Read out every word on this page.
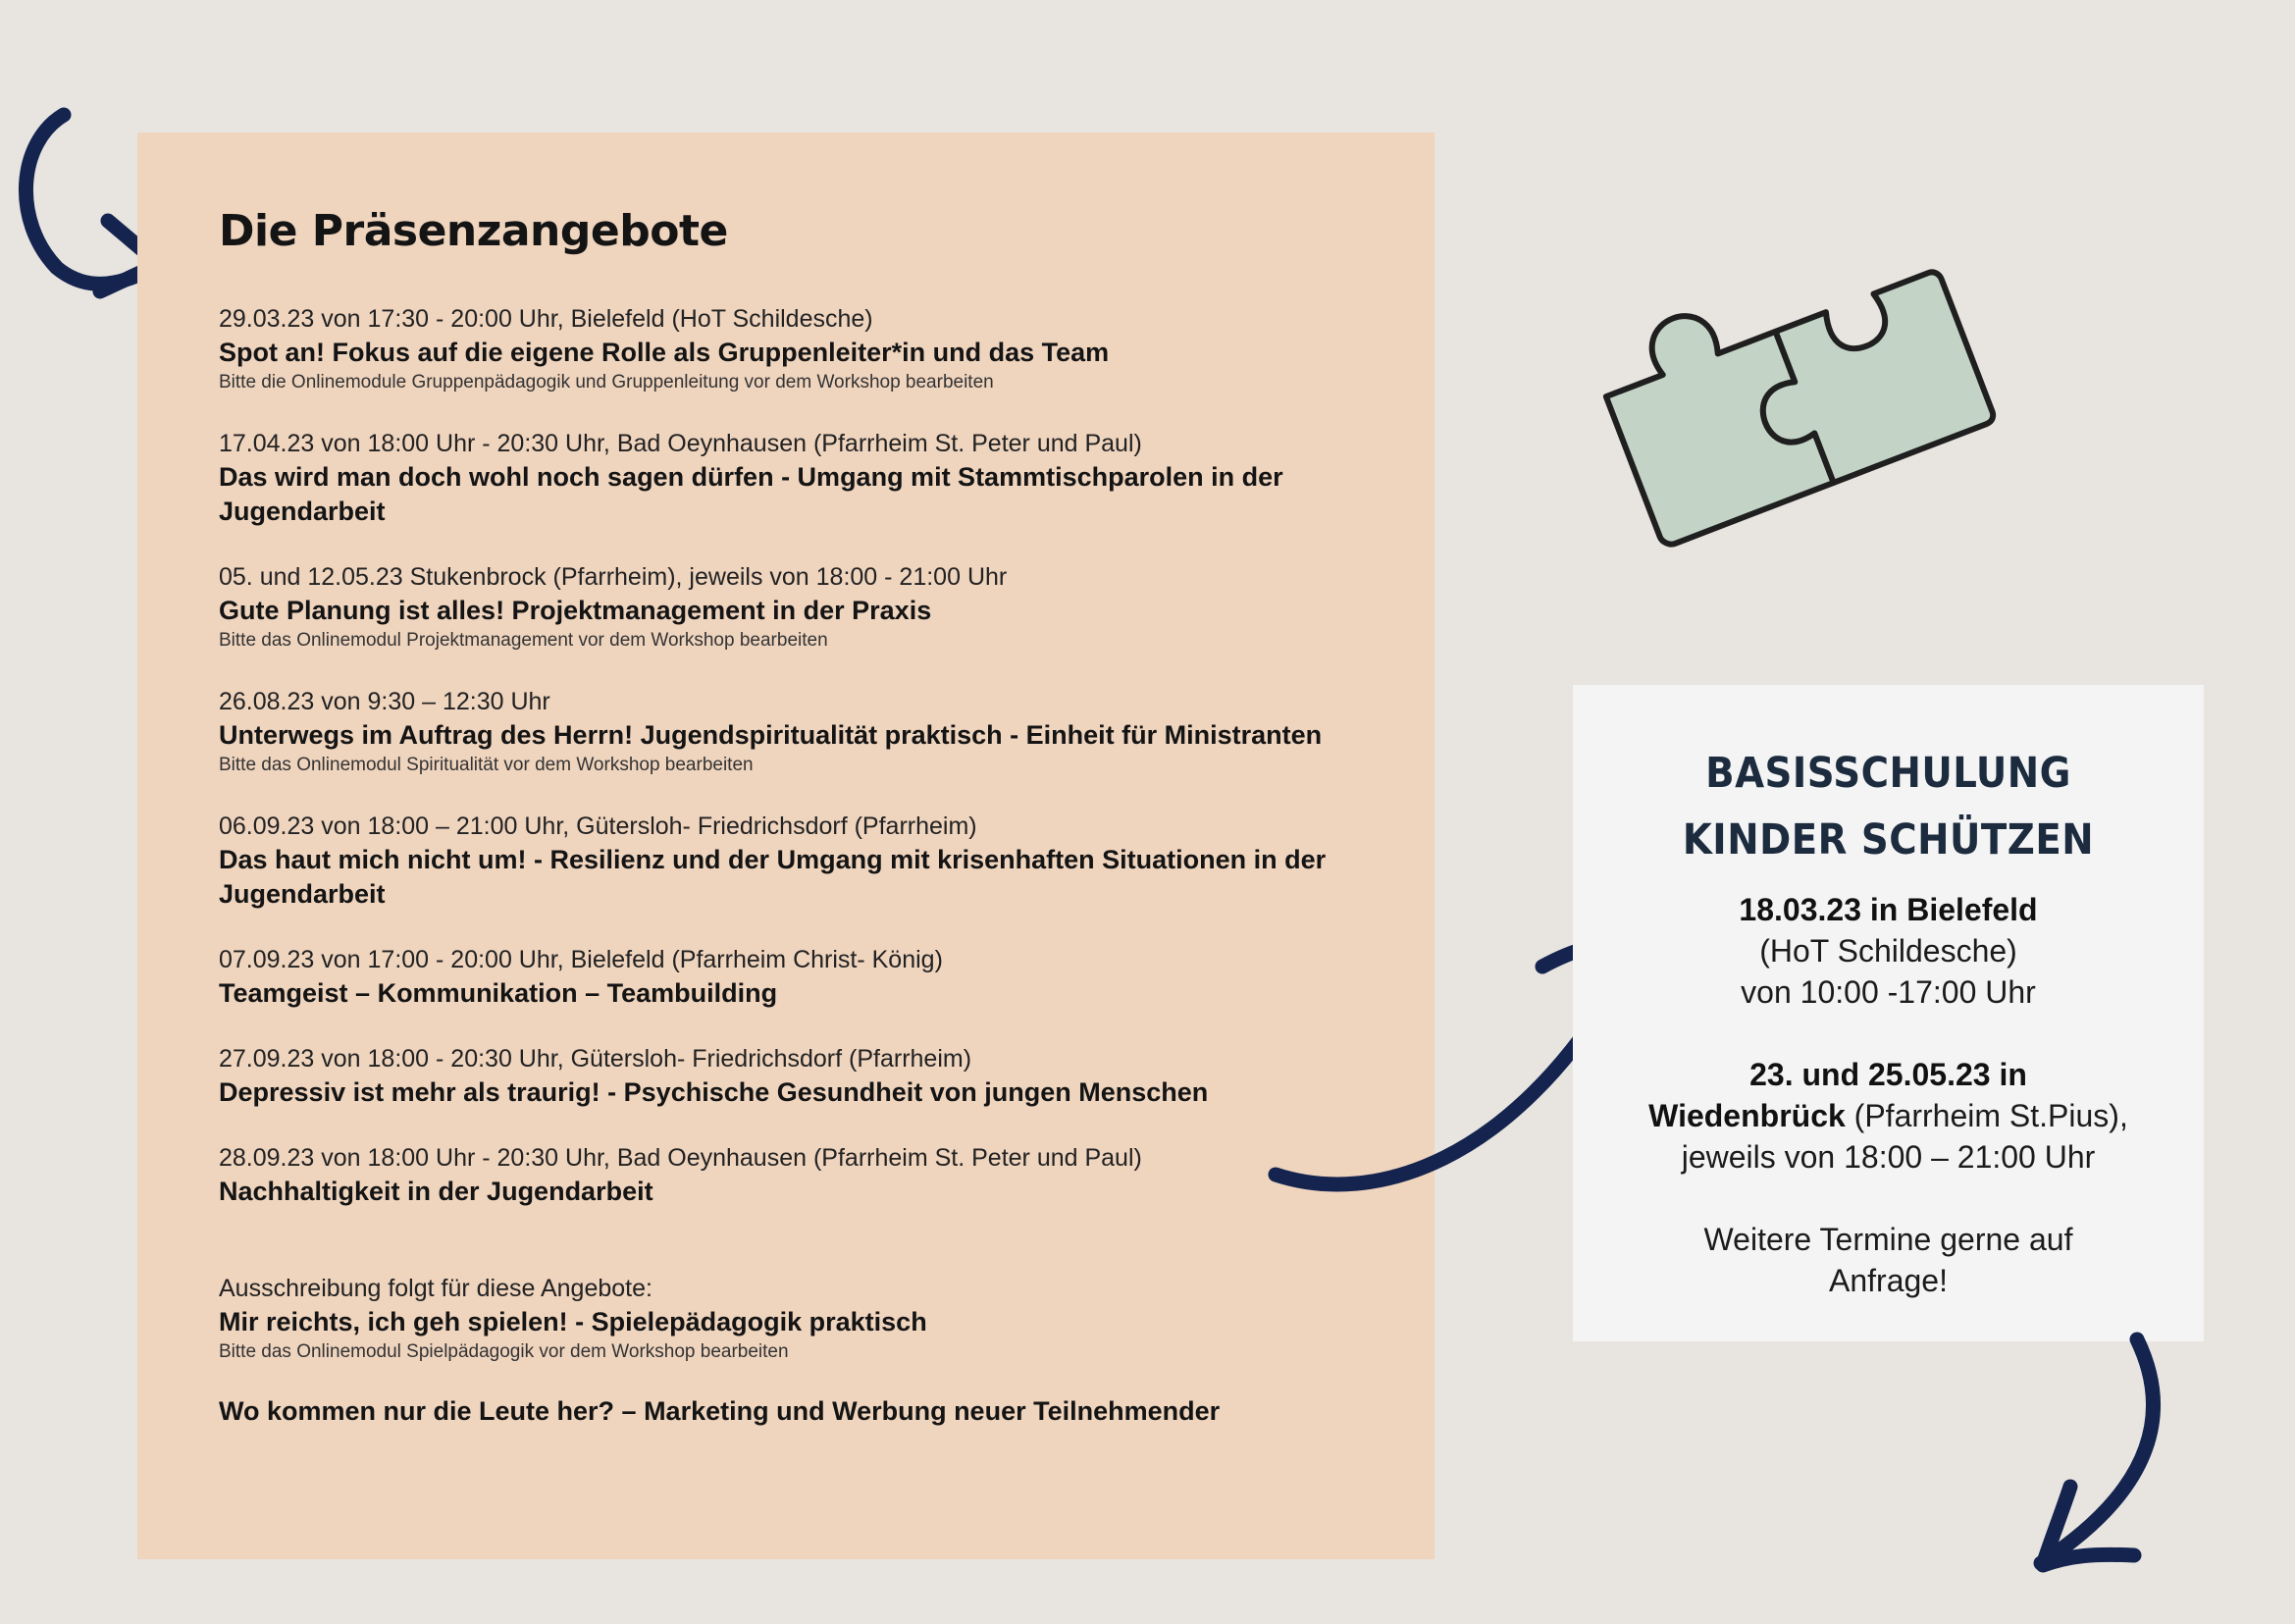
Die Präsenzangebote
29.03.23 von 17:30 - 20:00 Uhr, Bielefeld (HoT Schildesche)
Spot an! Fokus auf die eigene Rolle als Gruppenleiter*in und das Team
Bitte die Onlinemodule Gruppenpädagogik und Gruppenleitung vor dem Workshop bearbeiten
17.04.23 von 18:00 Uhr - 20:30 Uhr, Bad Oeynhausen (Pfarrheim St. Peter und Paul)
Das wird man doch wohl noch sagen dürfen - Umgang mit Stammtischparolen in der Jugendarbeit
05. und 12.05.23 Stukenbrock (Pfarrheim), jeweils von 18:00 - 21:00 Uhr
Gute Planung ist alles! Projektmanagement in der Praxis
Bitte das Onlinemodul Projektmanagement vor dem Workshop bearbeiten
26.08.23 von 9:30 – 12:30 Uhr
Unterwegs im Auftrag des Herrn! Jugendspiritualität praktisch - Einheit für Ministranten
Bitte das Onlinemodul Spiritualität vor dem Workshop bearbeiten
06.09.23 von 18:00 – 21:00 Uhr, Gütersloh- Friedrichsdorf (Pfarrheim)
Das haut mich nicht um! - Resilienz und der Umgang mit krisenhaften Situationen in der Jugendarbeit
07.09.23 von 17:00 - 20:00 Uhr, Bielefeld (Pfarrheim Christ- König)
Teamgeist – Kommunikation – Teambuilding
27.09.23 von 18:00 - 20:30 Uhr, Gütersloh- Friedrichsdorf (Pfarrheim)
Depressiv ist mehr als traurig! - Psychische Gesundheit von jungen Menschen
28.09.23 von 18:00 Uhr - 20:30 Uhr, Bad Oeynhausen (Pfarrheim St. Peter und Paul)
Nachhaltigkeit in der Jugendarbeit
Ausschreibung folgt für diese Angebote:
Mir reichts, ich geh spielen! - Spielepädagogik praktisch
Bitte das Onlinemodul Spielpädagogik vor dem Workshop bearbeiten
Wo kommen nur die Leute her? – Marketing und Werbung neuer Teilnehmender
BASISSCHULUNG
KINDER SCHÜTZEN
18.03.23 in Bielefeld
(HoT Schildesche)
von 10:00 -17:00 Uhr
23. und 25.05.23 in
Wiedenbrück (Pfarrheim St.Pius),
jeweils von 18:00 – 21:00 Uhr
Weitere Termine gerne auf
Anfrage!
